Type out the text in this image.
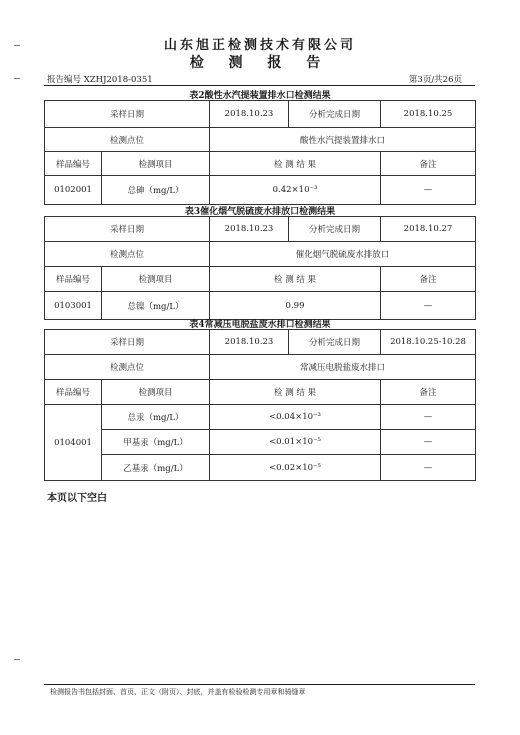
山东旭正检测技术有限公司
检 测 报 告
报告编号 XZHJ2018-0351	第3页/共26页
表2酸性水汽提装置排水口检测结果
采样日期		2018.10.23	分析完成日期	2018.10.25
检测点位		酸性水汽提装置排水口		
样品编号	检测项目	检 测 结 果		备注
0102001	总砷（mg/L）	0.42×10⁻³		—
表3催化烟气脱硫废水排放口检测结果
采样日期		2018.10.23	分析完成日期	2018.10.27
检测点位		催化烟气脱硫废水排放口		
样品编号	检测项目	检 测 结 果		备注
0103001	总镍（mg/L）	0.99		—
表4常减压电脱盐废水排口检测结果
采样日期		2018.10.23	分析完成日期	2018.10.25-10.28
检测点位		常减压电脱盐废水排口		
样品编号	检测项目	检 测 结 果		备注
0104001	总汞（mg/L）	<0.04×10⁻³		—
	甲基汞（mg/L）	<0.01×10⁻⁵		—
	乙基汞（mg/L）	<0.02×10⁻⁵		—
本页以下空白
检测报告书包括封面、首页、正文（附页）、封底，并盖有检验检测专用章和骑缝章
